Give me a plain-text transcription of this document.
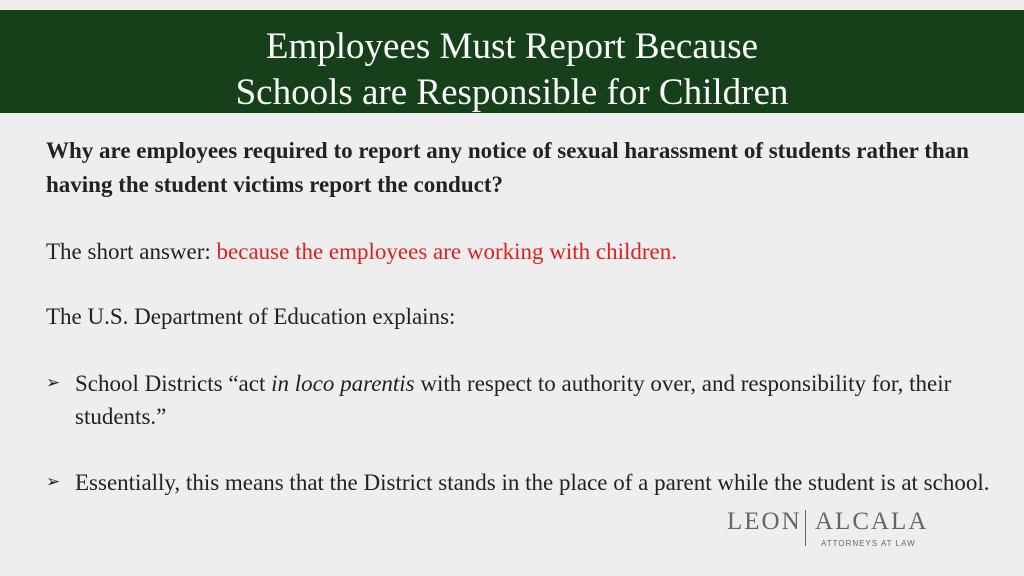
Employees Must Report Because
Schools are Responsible for Children

Why are employees required to report any notice of sexual harassment of students rather than having the student victims report the conduct?

The short answer: because the employees are working with children.

The U.S. Department of Education explains:

➢ School Districts “act in loco parentis with respect to authority over, and responsibility for, their students.”
➢ Essentially, this means that the District stands in the place of a parent while the student is at school.
LEON ALCALA
ATTORNEYS AT LAW
